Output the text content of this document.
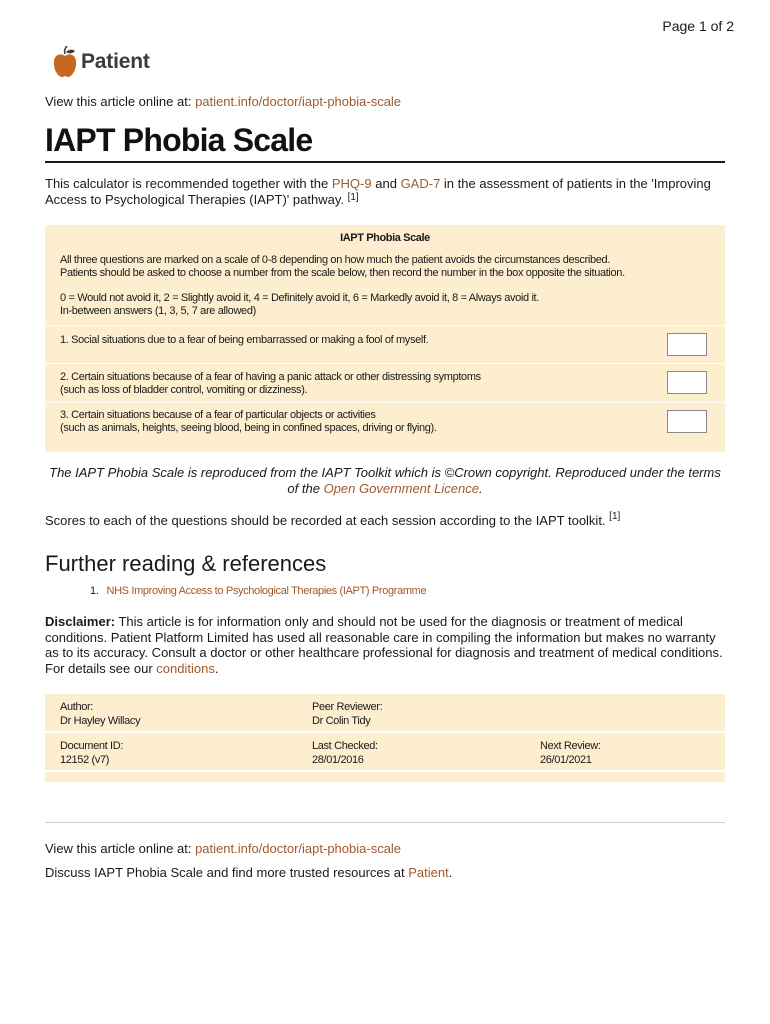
Page 1 of 2
Patient
View this article online at: patient.info/doctor/iapt-phobia-scale
IAPT Phobia Scale
This calculator is recommended together with the PHQ-9 and GAD-7 in the assessment of patients in the 'Improving Access to Psychological Therapies (IAPT)' pathway. [1]
IAPT Phobia Scale
All three questions are marked on a scale of 0-8 depending on how much the patient avoids the circumstances described.
Patients should be asked to choose a number from the scale below, then record the number in the box opposite the situation.
0 = Would not avoid it, 2 = Slightly avoid it, 4 = Definitely avoid it, 6 = Markedly avoid it, 8 = Always avoid it.
In-between answers (1, 3, 5, 7 are allowed)
1. Social situations due to a fear of being embarrassed or making a fool of myself.
2. Certain situations because of a fear of having a panic attack or other distressing symptoms
(such as loss of bladder control, vomiting or dizziness).
3. Certain situations because of a fear of particular objects or activities
(such as animals, heights, seeing blood, being in confined spaces, driving or flying).
The IAPT Phobia Scale is reproduced from the IAPT Toolkit which is ©Crown copyright. Reproduced under the terms of the Open Government Licence.
Scores to each of the questions should be recorded at each session according to the IAPT toolkit. [1]
Further reading & references
1. NHS Improving Access to Psychological Therapies (IAPT) Programme
Disclaimer: This article is for information only and should not be used for the diagnosis or treatment of medical conditions. Patient Platform Limited has used all reasonable care in compiling the information but makes no warranty as to its accuracy. Consult a doctor or other healthcare professional for diagnosis and treatment of medical conditions. For details see our conditions.
Author:
Dr Hayley Willacy
Peer Reviewer:
Dr Colin Tidy
Document ID:
12152 (v7)
Last Checked:
28/01/2016
Next Review:
26/01/2021
View this article online at: patient.info/doctor/iapt-phobia-scale
Discuss IAPT Phobia Scale and find more trusted resources at Patient.
